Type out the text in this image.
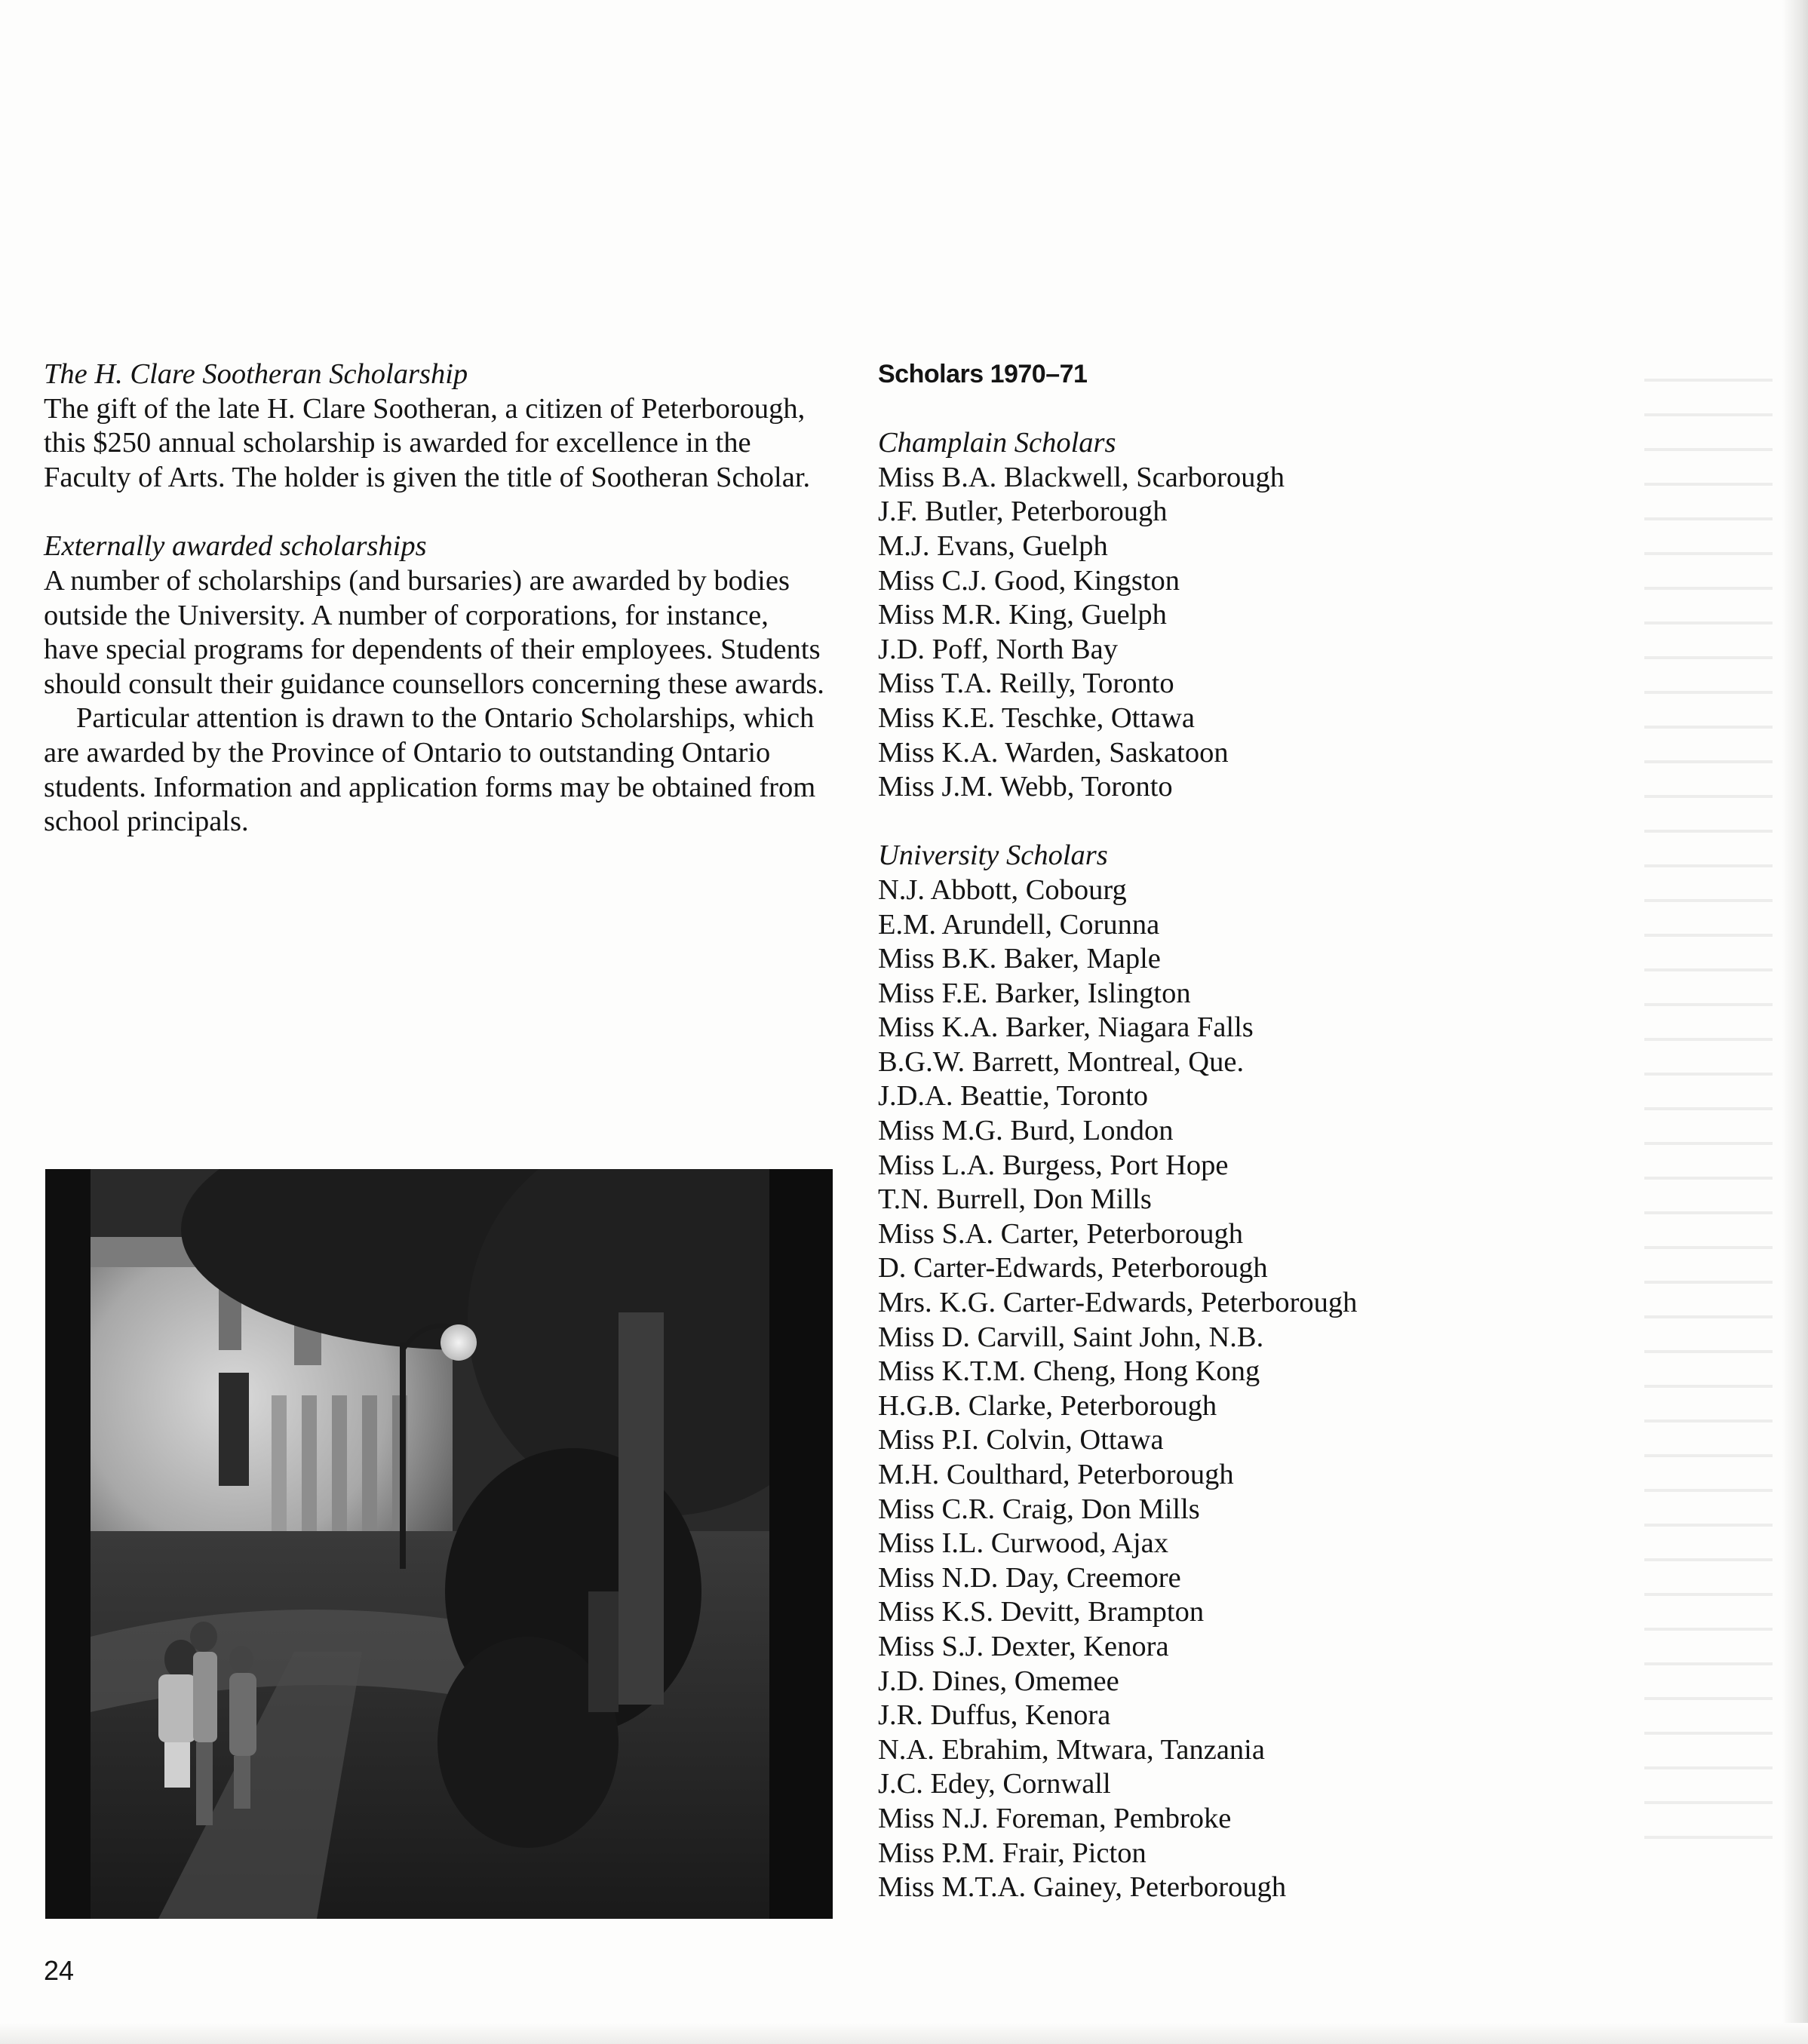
The H. Clare Sootheran Scholarship

The gift of the late H. Clare Sootheran, a citizen of Peterborough, this $250 annual scholarship is awarded for excellence in the Faculty of Arts. The holder is given the title of Sootheran Scholar.

Externally awarded scholarships

A number of scholarships (and bursaries) are awarded by bodies outside the University. A number of corporations, for instance, have special programs for dependents of their employees. Students should consult their guidance counsellors concerning these awards.

Particular attention is drawn to the Ontario Scholarships, which are awarded by the Province of Ontario to outstanding Ontario students. Information and application forms may be obtained from school principals.

Scholars 1970–71
Champlain Scholars
Miss B.A. Blackwell, Scarborough
J.F. Butler, Peterborough
M.J. Evans, Guelph
Miss C.J. Good, Kingston
Miss M.R. King, Guelph
J.D. Poff, North Bay
Miss T.A. Reilly, Toronto
Miss K.E. Teschke, Ottawa
Miss K.A. Warden, Saskatoon
Miss J.M. Webb, Toronto
University Scholars
N.J. Abbott, Cobourg
E.M. Arundell, Corunna
Miss B.K. Baker, Maple
Miss F.E. Barker, Islington
Miss K.A. Barker, Niagara Falls
B.G.W. Barrett, Montreal, Que.
J.D.A. Beattie, Toronto
Miss M.G. Burd, London
Miss L.A. Burgess, Port Hope
T.N. Burrell, Don Mills
Miss S.A. Carter, Peterborough
D. Carter-Edwards, Peterborough
Mrs. K.G. Carter-Edwards, Peterborough
Miss D. Carvill, Saint John, N.B.
Miss K.T.M. Cheng, Hong Kong
H.G.B. Clarke, Peterborough
Miss P.I. Colvin, Ottawa
M.H. Coulthard, Peterborough
Miss C.R. Craig, Don Mills
Miss I.L. Curwood, Ajax
Miss N.D. Day, Creemore
Miss K.S. Devitt, Brampton
Miss S.J. Dexter, Kenora
J.D. Dines, Omemee
J.R. Duffus, Kenora
N.A. Ebrahim, Mtwara, Tanzania
J.C. Edey, Cornwall
Miss N.J. Foreman, Pembroke
Miss P.M. Frair, Picton
Miss M.T.A. Gainey, Peterborough
24
